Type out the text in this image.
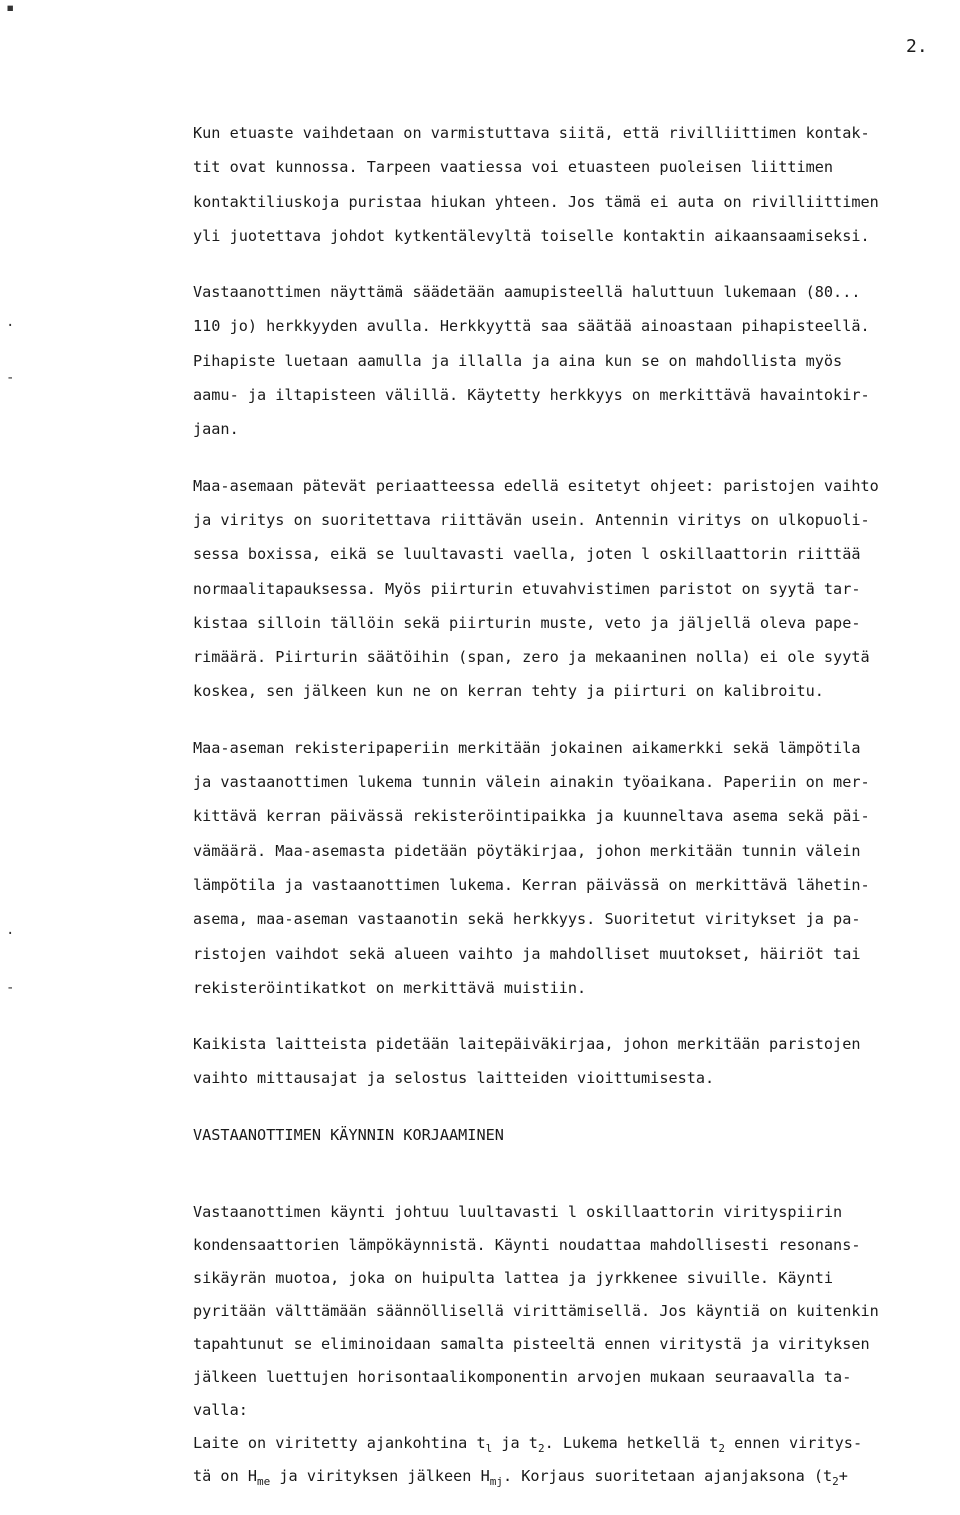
2.
▪
·
-
·
-
Kun etuaste vaihdetaan on varmistuttava siitä, että rivilliittimen kontak-
tit ovat kunnossa. Tarpeen vaatiessa voi etuasteen puoleisen liittimen
kontaktiliuskoja puristaa hiukan yhteen. Jos tämä ei auta on rivilliittimen
yli juotettava johdot kytkentälevyltä toiselle kontaktin aikaansaamiseksi.
Vastaanottimen näyttämä säädetään aamupisteellä haluttuun lukemaan (80...
110 jo) herkkyyden avulla. Herkkyyttä saa säätää ainoastaan pihapisteellä.
Pihapiste luetaan aamulla ja illalla ja aina kun se on mahdollista myös
aamu- ja iltapisteen välillä. Käytetty herkkyys on merkittävä havaintokir-
jaan.
Maa-asemaan pätevät periaatteessa edellä esitetyt ohjeet: paristojen vaihto
ja viritys on suoritettava riittävän usein. Antennin viritys on ulkopuoli-
sessa boxissa, eikä se luultavasti vaella, joten l oskillaattorin riittää
normaalitapauksessa. Myös piirturin etuvahvistimen paristot on syytä tar-
kistaa silloin tällöin sekä piirturin muste, veto ja jäljellä oleva pape-
rimäärä. Piirturin säätöihin (span, zero ja mekaaninen nolla) ei ole syytä
koskea, sen jälkeen kun ne on kerran tehty ja piirturi on kalibroitu.
Maa-aseman rekisteripaperiin merkitään jokainen aikamerkki sekä lämpötila
ja vastaanottimen lukema tunnin välein ainakin työaikana. Paperiin on mer-
kittävä kerran päivässä rekisteröintipaikka ja kuunneltava asema sekä päi-
vämäärä. Maa-asemasta pidetään pöytäkirjaa, johon merkitään tunnin välein
lämpötila ja vastaanottimen lukema. Kerran päivässä on merkittävä lähetin-
asema, maa-aseman vastaanotin sekä herkkyys. Suoritetut viritykset ja pa-
ristojen vaihdot sekä alueen vaihto ja mahdolliset muutokset, häiriöt tai
rekisteröintikatkot on merkittävä muistiin.
Kaikista laitteista pidetään laitepäiväkirjaa, johon merkitään paristojen
vaihto mittausajat ja selostus laitteiden vioittumisesta.
VASTAANOTTIMEN KÄYNNIN KORJAAMINEN
Vastaanottimen käynti johtuu luultavasti l oskillaattorin virityspiirin
kondensaattorien lämpökäynnistä. Käynti noudattaa mahdollisesti resonans-
sikäyrän muotoa, joka on huipulta lattea ja jyrkkenee sivuille. Käynti
pyritään välttämään säännöllisellä virittämisellä. Jos käyntiä on kuitenkin
tapahtunut se eliminoidaan samalta pisteeltä ennen viritystä ja virityksen
jälkeen luettujen horisontaalikomponentin arvojen mukaan seuraavalla ta-
valla:
Laite on viritetty ajankohtina $t_l$ ja $t_2$. Lukema hetkellä $t_2$ ennen viritys-
tä on $H_{me}$ ja virityksen jälkeen $H_{mj}$. Korjaus suoritetaan ajanjaksona ($t_2+$
